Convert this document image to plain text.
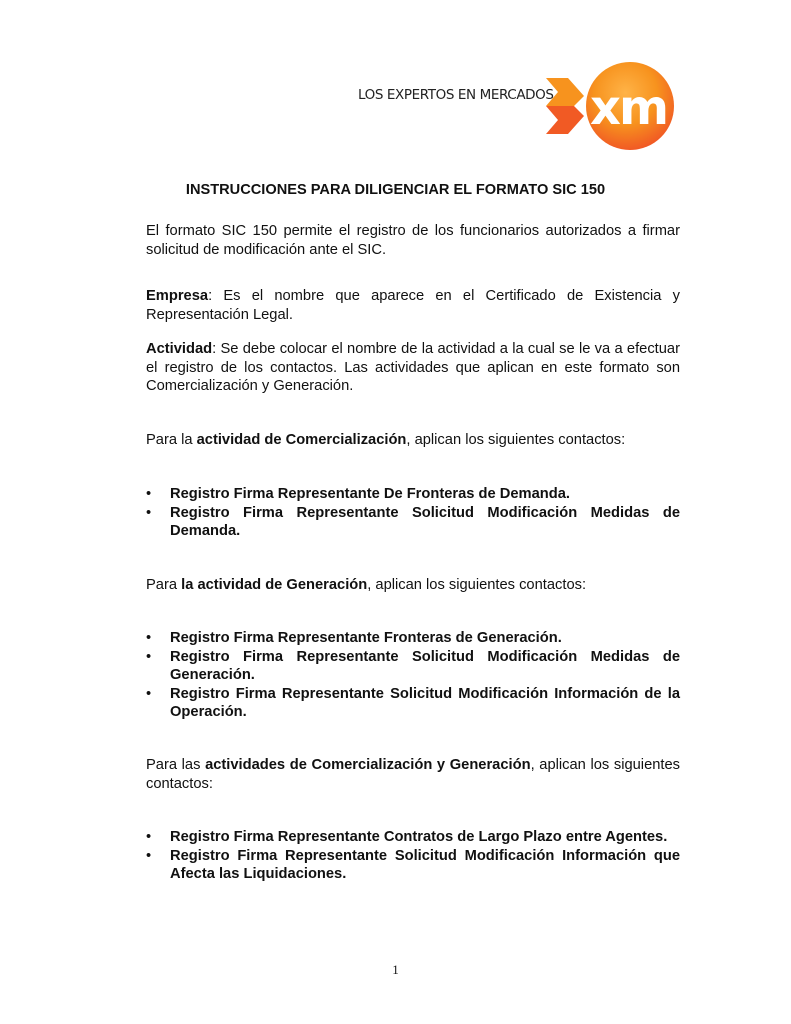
LOS EXPERTOS EN MERCADOS xm
INSTRUCCIONES PARA DILIGENCIAR EL FORMATO SIC 150

El formato SIC 150 permite el registro de los funcionarios autorizados a firmar solicitud de modificación ante el SIC.

Empresa: Es el nombre que aparece en el Certificado de Existencia y Representación Legal.

Actividad: Se debe colocar el nombre de la actividad a la cual se le va a efectuar el registro de los contactos. Las actividades que aplican en este formato son Comercialización y Generación.

Para la actividad de Comercialización, aplican los siguientes contactos:

• Registro Firma Representante De Fronteras de Demanda.
• Registro Firma Representante Solicitud Modificación Medidas de Demanda.

Para la actividad de Generación, aplican los siguientes contactos:

• Registro Firma Representante Fronteras de Generación.
• Registro Firma Representante Solicitud Modificación Medidas de Generación.
• Registro Firma Representante Solicitud Modificación Información de la Operación.

Para las actividades de Comercialización y Generación, aplican los siguientes contactos:

• Registro Firma Representante Contratos de Largo Plazo entre Agentes.
• Registro Firma Representante Solicitud Modificación Información que Afecta las Liquidaciones.
1
